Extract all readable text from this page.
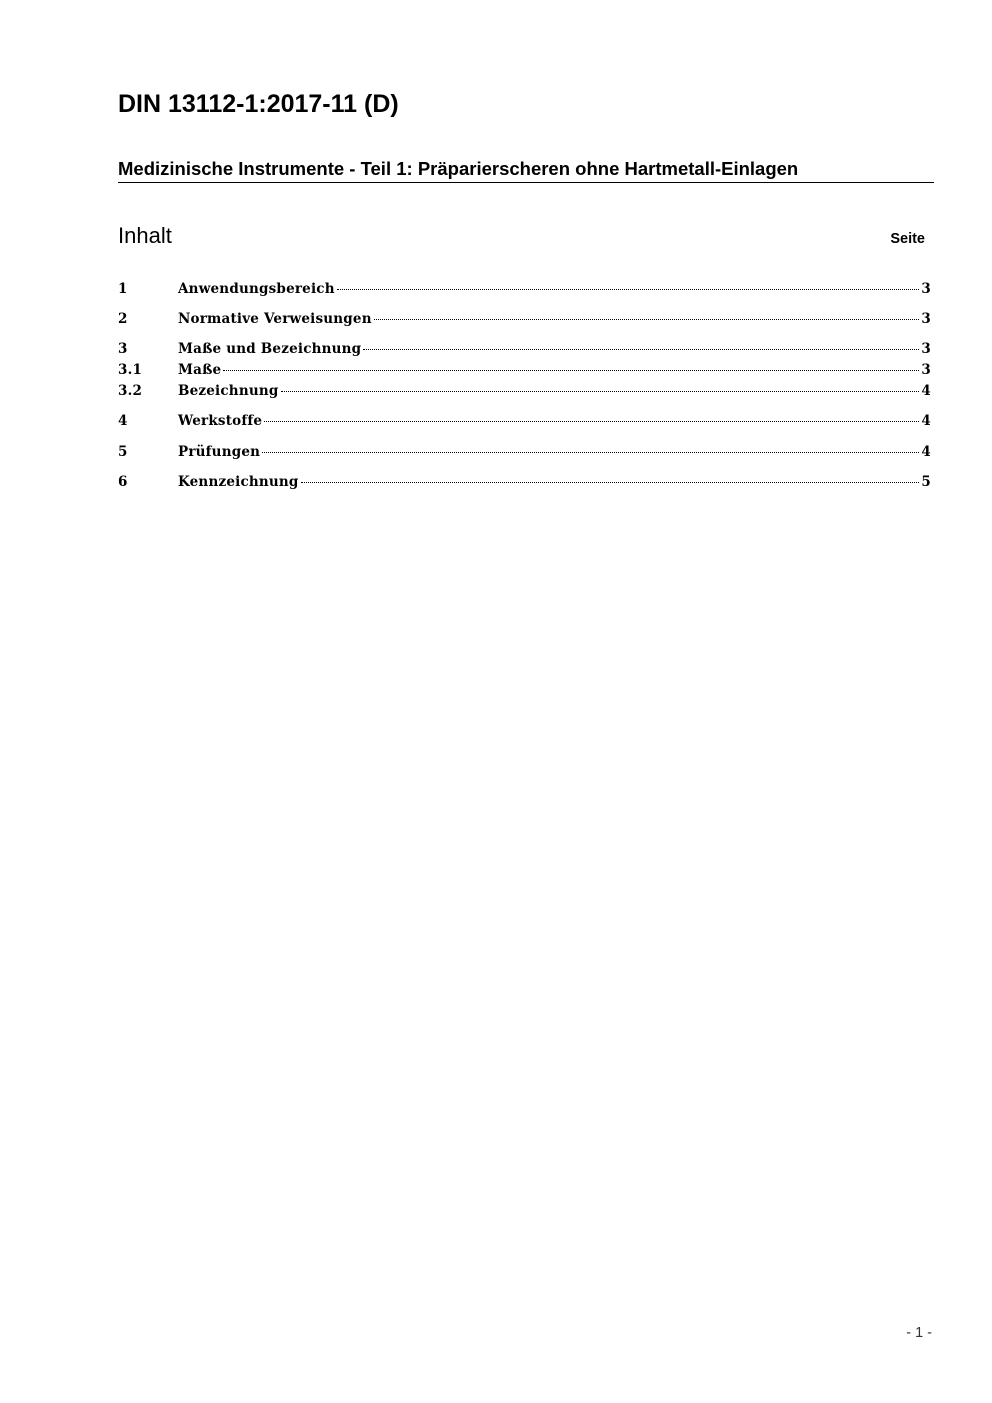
DIN 13112-1:2017-11 (D)
Medizinische Instrumente - Teil 1: Präparierscheren ohne Hartmetall-Einlagen
Inhalt	Seite
1	Anwendungsbereich	3
2	Normative Verweisungen	3
3	Maße und Bezeichnung	3
3.1	Maße	3
3.2	Bezeichnung	4
4	Werkstoffe	4
5	Prüfungen	4
6	Kennzeichnung	5
- 1 -
